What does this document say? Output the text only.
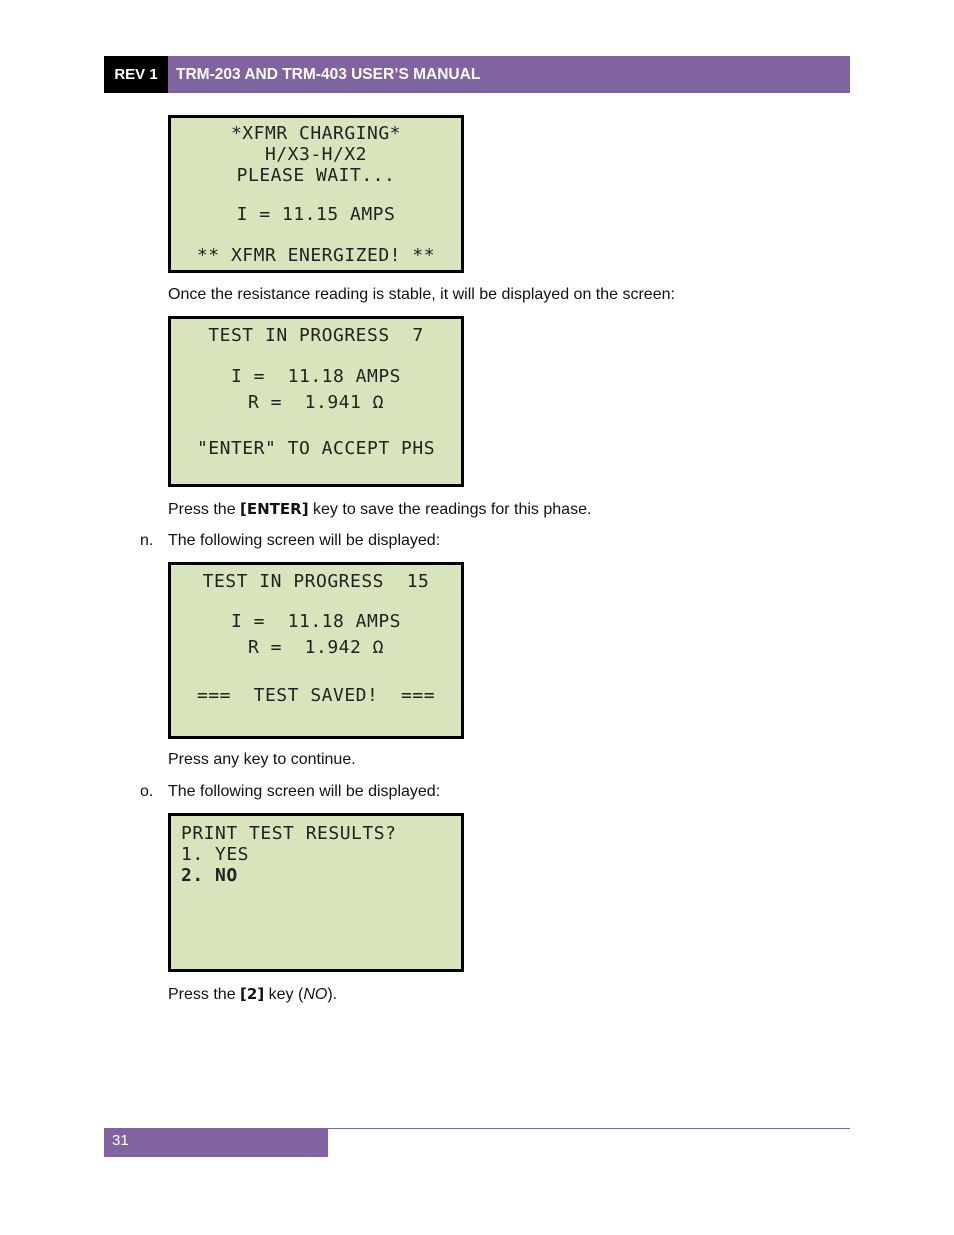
REV 1	TRM-203 AND TRM-403 USER’S MANUAL
*XFMR CHARGING*
H/X3-H/X2
PLEASE WAIT...
I = 11.15 AMPS
** XFMR ENERGIZED! **
Once the resistance reading is stable, it will be displayed on the screen:
TEST IN PROGRESS  7
I =  11.18 AMPS
R =  1.941 Ω
"ENTER" TO ACCEPT PHS
Press the [ENTER] key to save the readings for this phase.
n. The following screen will be displayed:
TEST IN PROGRESS  15
I =  11.18 AMPS
R =  1.942 Ω
===  TEST SAVED!  ===
Press any key to continue.
o. The following screen will be displayed:
PRINT TEST RESULTS?
1. YES
2. NO
Press the [2] key (NO).
31
